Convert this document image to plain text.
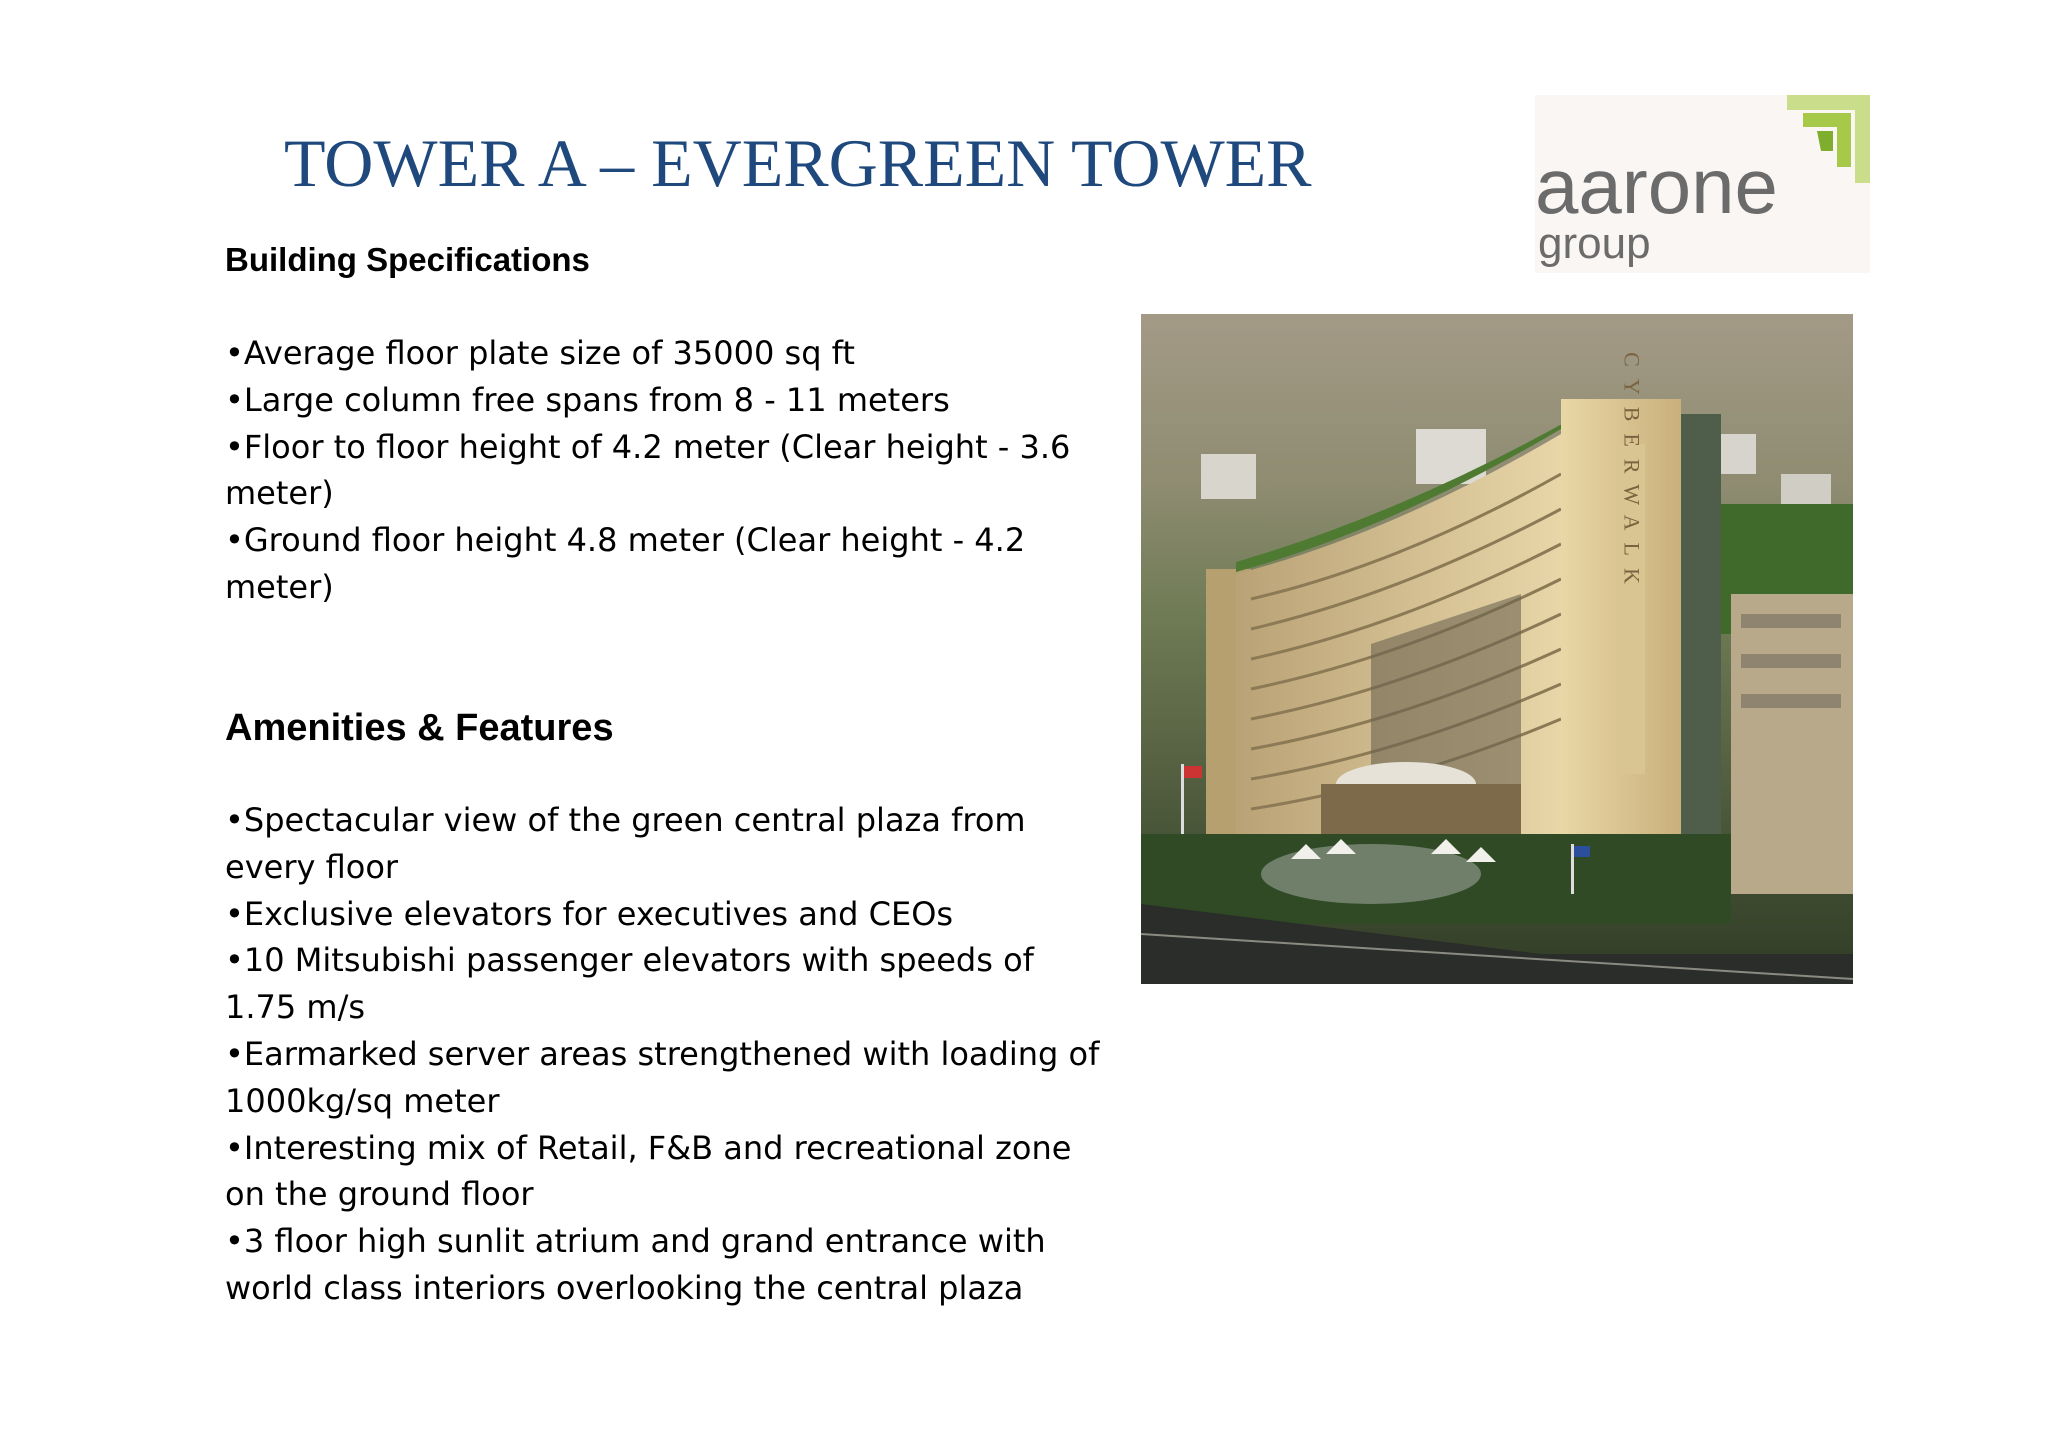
TOWER A – EVERGREEN TOWER	aarone
group
Building Specifications
•Average floor plate size of 35000 sq ft
•Large column free spans from 8 - 11 meters
•Floor to floor height of 4.2 meter (Clear height - 3.6 meter)
•Ground floor height 4.8 meter (Clear height - 4.2 meter)
Amenities & Features
•Spectacular view of the green central plaza from every floor
•Exclusive elevators for executives and CEOs
•10 Mitsubishi passenger elevators with speeds of 1.75 m/s
•Earmarked server areas strengthened with loading of 1000kg/sq meter
•Interesting mix of Retail, F&B and recreational zone on the ground floor
•3 floor high sunlit atrium and grand entrance with world class interiors overlooking the central plaza
CYBERWALK
